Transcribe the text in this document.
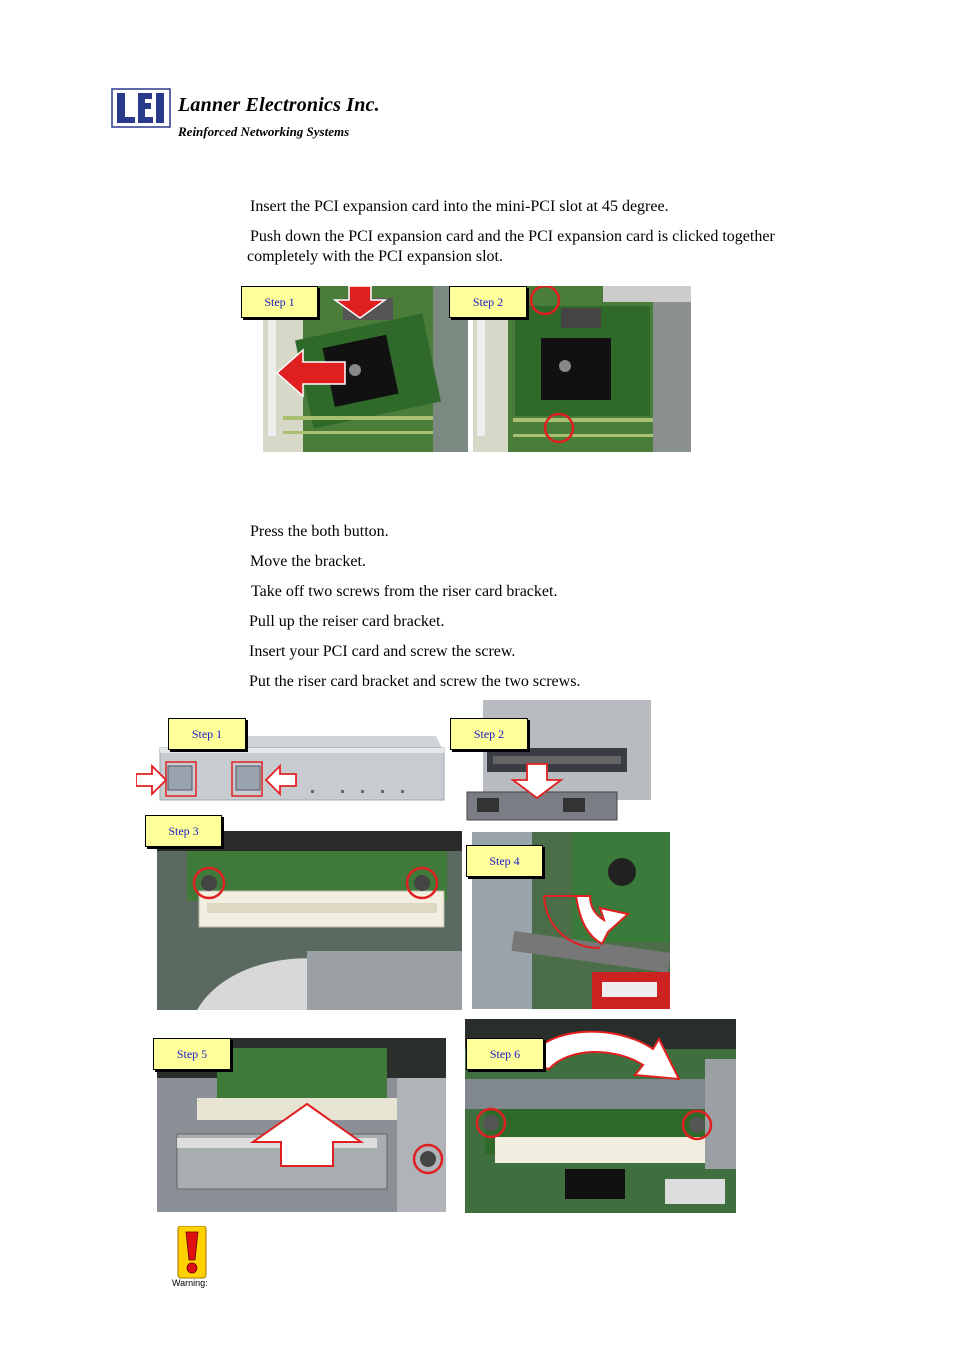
Lanner Electronics Inc.
Reinforced Networking Systems
Insert the PCI expansion card into the mini-PCI slot at 45 degree.
Push down the PCI expansion card and the PCI expansion card is clicked together
completely with the PCI expansion slot.
Step 1	Step 2
Press the both button.
Move the bracket.
Take off two screws from the riser card bracket.
Pull up the reiser card bracket.
Insert your PCI card and screw the screw.
Put the riser card bracket and screw the two screws.
Step 1	Step 2
Step 3
Step 4
Step 5	Step 6
Warning:
